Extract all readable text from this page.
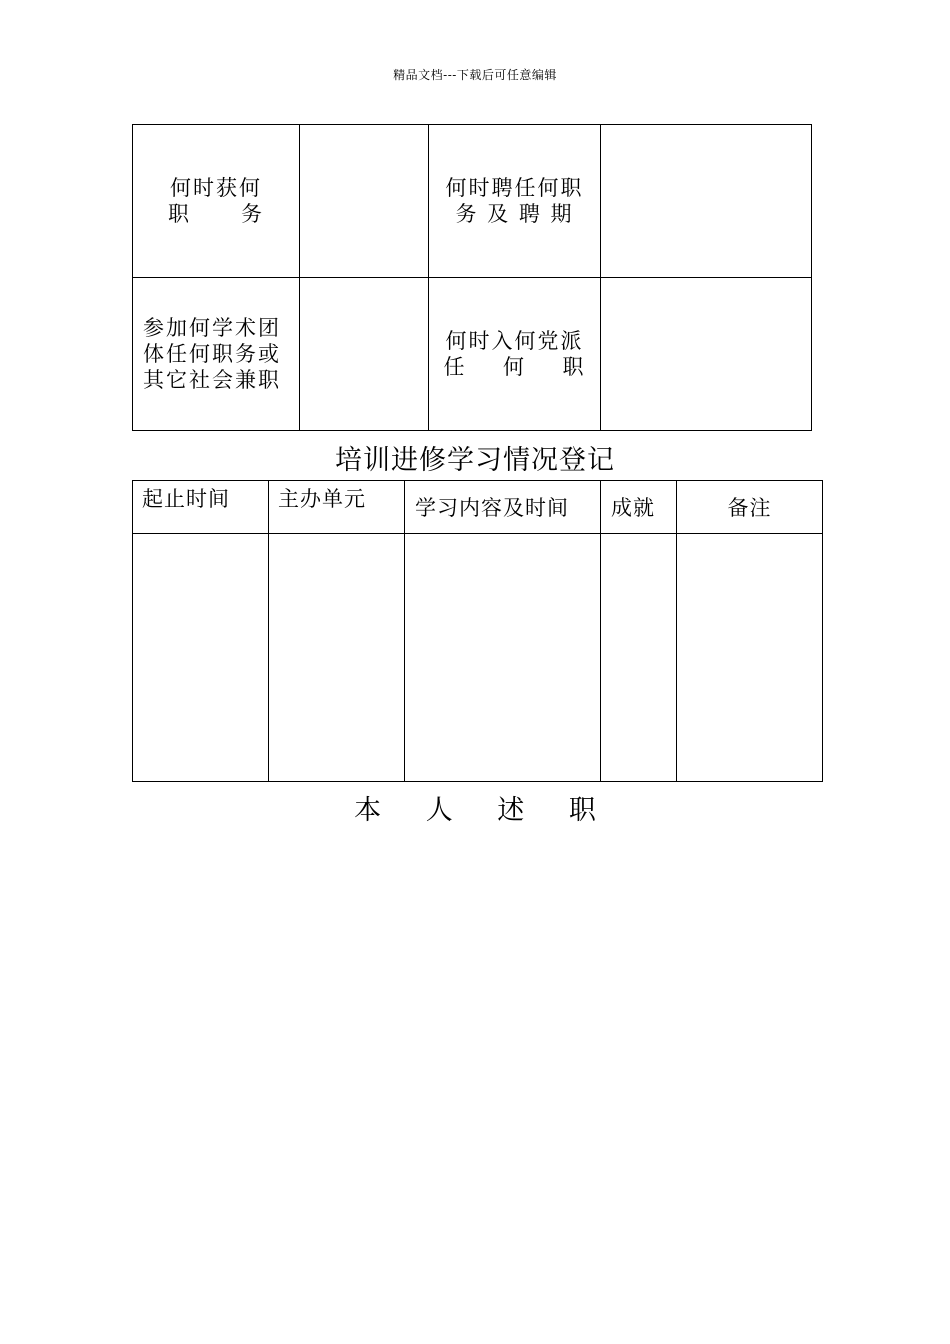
精品文档---下载后可任意编辑
何时获何
职　　务		何时聘任何职
务 及 聘 期	

参加何学术团
体任何职务或
其它社会兼职		何时入何党派
任　何　职	

培训进修学习情况登记
起止时间	主办单元	学习内容及时间	成就	备注

本 人 述 职
